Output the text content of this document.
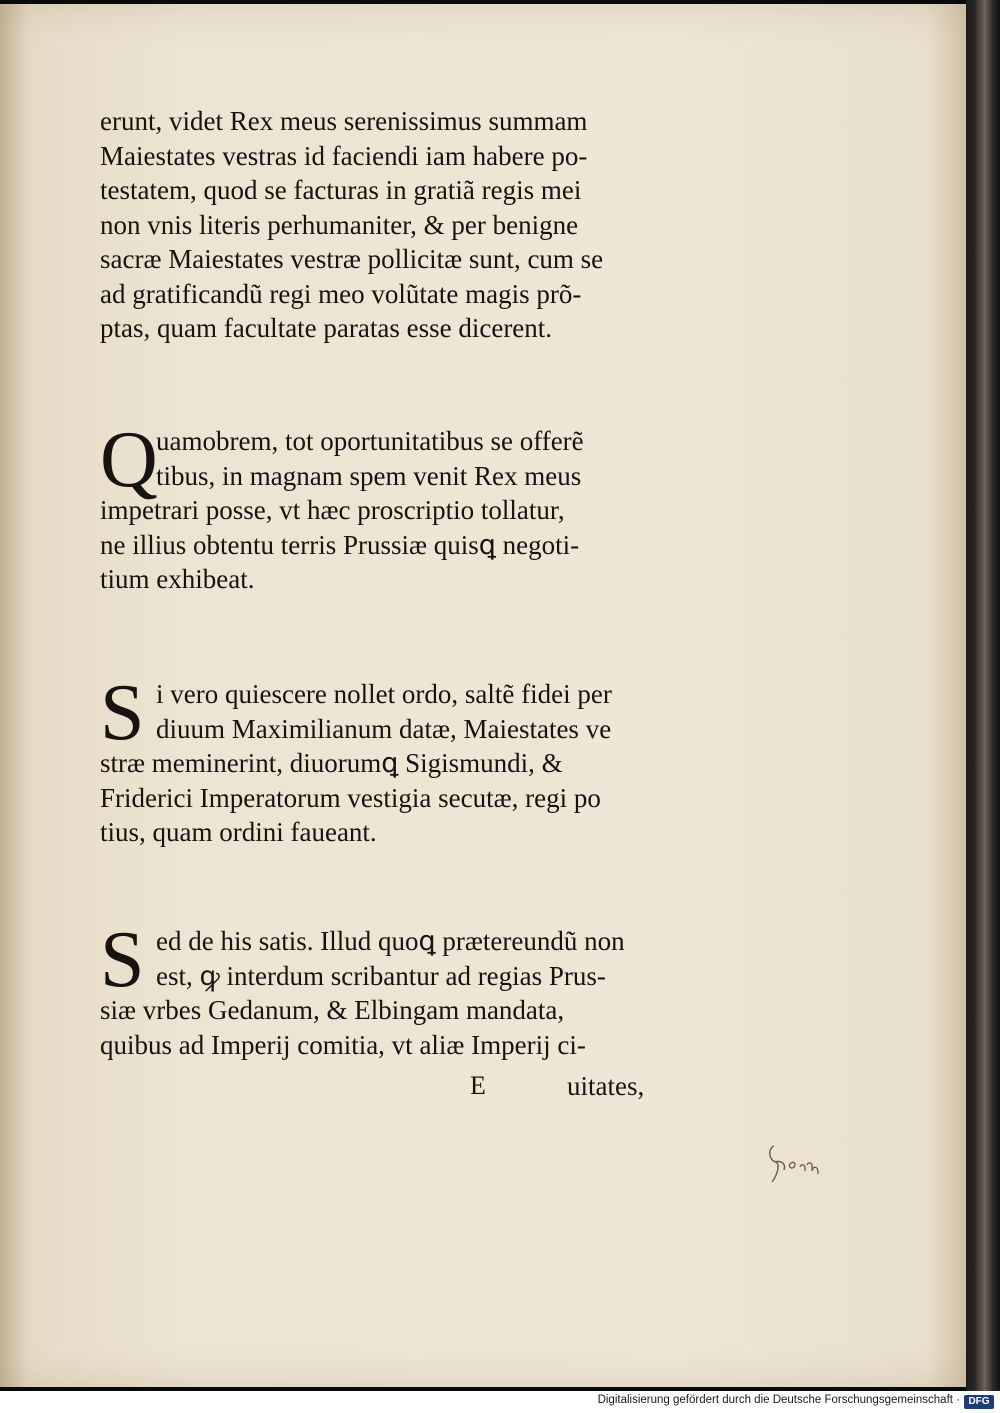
erunt, videt Rex meus serenissimus summam
Maiestates vestras id faciendi iam habere po-
testatem, quod se facturas in gratiã regis mei
non vnis literis perhumaniter, & per benigne
sacræ Maiestates vestræ pollicitæ sunt, cum se
ad gratificandũ regi meo volũtate magis prõ-
ptas, quam facultate paratas esse dicerent.
Q
uamobrem, tot oportunitatibus se offerẽ
tibus, in magnam spem venit Rex meus
impetrari posse, vt hæc proscriptio tollatur,
ne illius obtentu terris Prussiæ quisꝗ negoti-
tium exhibeat.
S i vero quiescere nollet ordo, saltẽ fidei per
diuum Maximilianum datæ, Maiestates ve
stræ meminerint, diuorumꝗ Sigismundi, &
Friderici Imperatorum vestigia secutæ, regi po
tius, quam ordini faueant.
S ed de his satis. Illud quoꝗ prætereundũ non
est, ꝙ interdum scribantur ad regias Prus-
siæ vrbes Gedanum, & Elbingam mandata,
quibus ad Imperij comitia, vt aliæ Imperij ci-
E	uitates,
Digitalisierung gefördert durch die Deutsche Forschungsgemeinschaft · DFG
